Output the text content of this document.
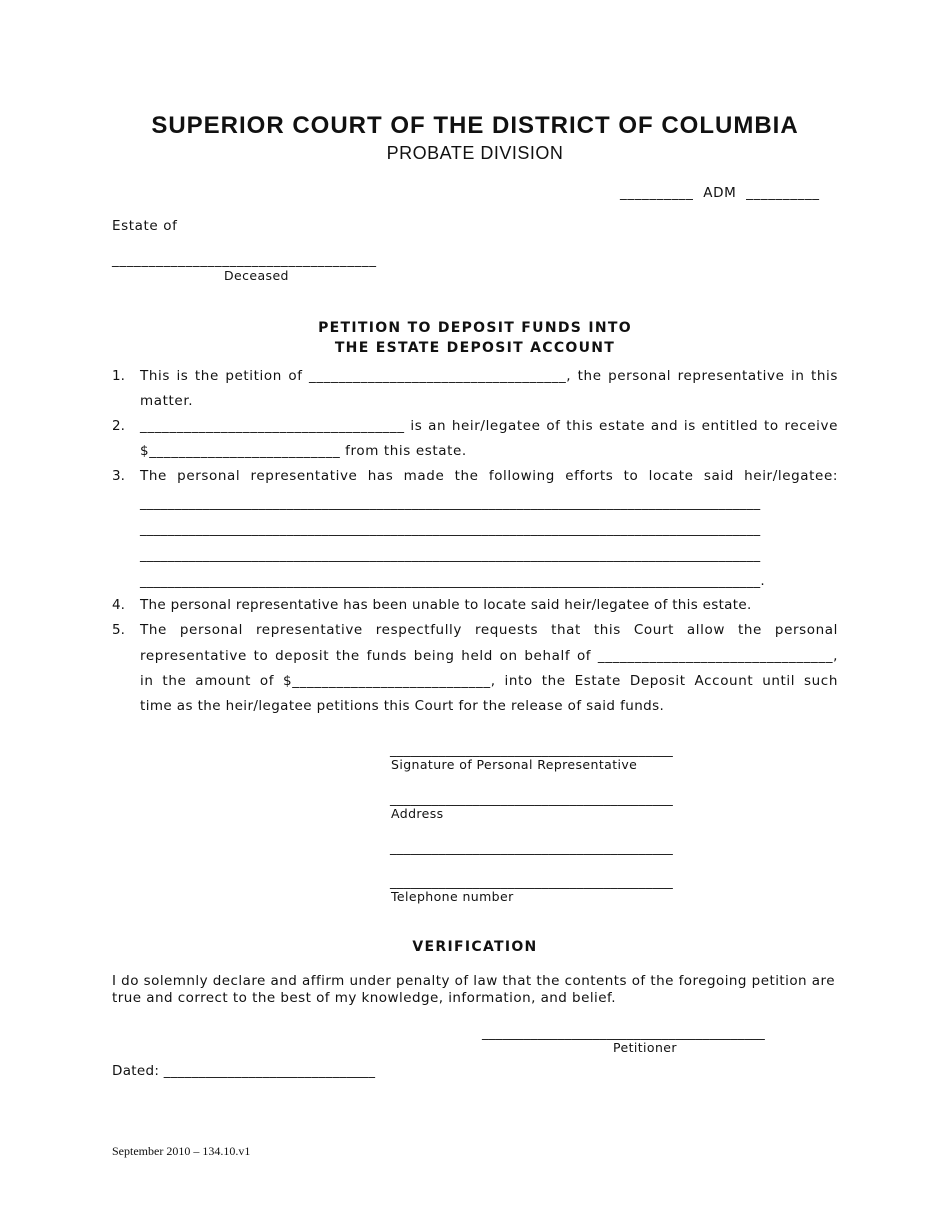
SUPERIOR COURT OF THE DISTRICT OF COLUMBIA
PROBATE DIVISION
__________  ADM  __________
Estate of
____________________________________
Deceased
PETITION TO DEPOSIT FUNDS INTO
THE ESTATE DEPOSIT ACCOUNT
1. This is the petition of ___________________________________, the personal representative in this
matter.
2. ____________________________________ is an heir/legatee of this estate and is entitled to receive
$__________________________ from this estate.
3. The personal representative has made the following efforts to locate said heir/legatee:
_________________________________________________________________________________________
_________________________________________________________________________________________
_________________________________________________________________________________________
_________________________________________________________________________________________.
4. The personal representative has been unable to locate said heir/legatee of this estate.
5. The personal representative respectfully requests that this Court allow the personal
representative to deposit the funds being held on behalf of ________________________________,
in the amount of $___________________________, into the Estate Deposit Account until such
time as the heir/legatee petitions this Court for the release of said funds.
_________________________________________
Signature of Personal Representative
_________________________________________
Address
_________________________________________
_________________________________________
Telephone number
VERIFICATION
I do solemnly declare and affirm under penalty of law that the contents of the foregoing petition are
true and correct to the best of my knowledge, information, and belief.
_________________________________________
Petitioner
Dated: ______________________________
September 2010 – 134.10.v1
